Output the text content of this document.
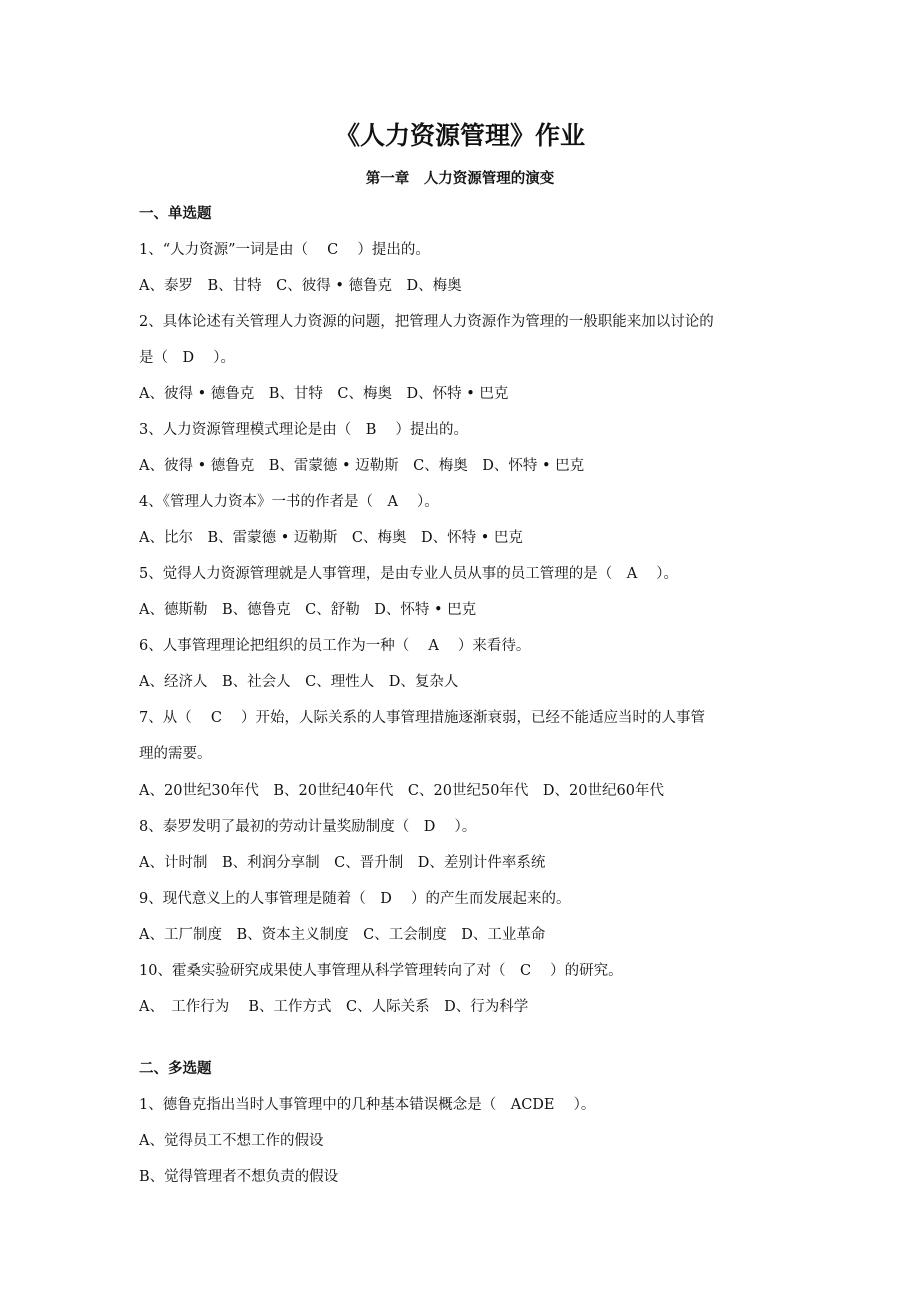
《人力资源管理》作业
第一章　人力资源管理的演变
一、单选题
1、“人力资源”一词是由（　 C　 ）提出的。
A、泰罗　B、甘特　C、彼得 • 德鲁克　D、梅奥
2、具体论述有关管理人力资源的问题，把管理人力资源作为管理的一般职能来加以讨论的
是（　D　 ）。
A、彼得 • 德鲁克　B、甘特　C、梅奥　D、怀特 • 巴克
3、人力资源管理模式理论是由（　B　 ）提出的。
A、彼得 • 德鲁克　B、雷蒙德 • 迈勒斯　C、梅奥　D、怀特 • 巴克
4、《管理人力资本》一书的作者是（　A　 ）。
A、比尔　B、雷蒙德 • 迈勒斯　C、梅奥　D、怀特 • 巴克
5、觉得人力资源管理就是人事管理，是由专业人员从事的员工管理的是（　A　 ）。
A、德斯勒　B、德鲁克　C、舒勒　D、怀特 • 巴克
6、人事管理理论把组织的员工作为一种（　 A　 ）来看待。
A、经济人　B、社会人　C、理性人　D、复杂人
7、从（　 C　 ）开始，人际关系的人事管理措施逐渐衰弱，已经不能适应当时的人事管
理的需要。
A、20世纪30年代　B、20世纪40年代　C、20世纪50年代　D、20世纪60年代
8、泰罗发明了最初的劳动计量奖励制度（　D　 ）。
A、计时制　B、利润分享制　C、晋升制　D、差别计件率系统
9、现代意义上的人事管理是随着（　D　 ）的产生而发展起来的。
A、工厂制度　B、资本主义制度　C、工会制度　D、工业革命
10、霍桑实验研究成果使人事管理从科学管理转向了对（　C　 ）的研究。
A、　工作行为　 B、工作方式　C、人际关系　D、行为科学
二、多选题
1、德鲁克指出当时人事管理中的几种基本错误概念是（　ACDE　 ）。
A、觉得员工不想工作的假设
B、觉得管理者不想负责的假设
